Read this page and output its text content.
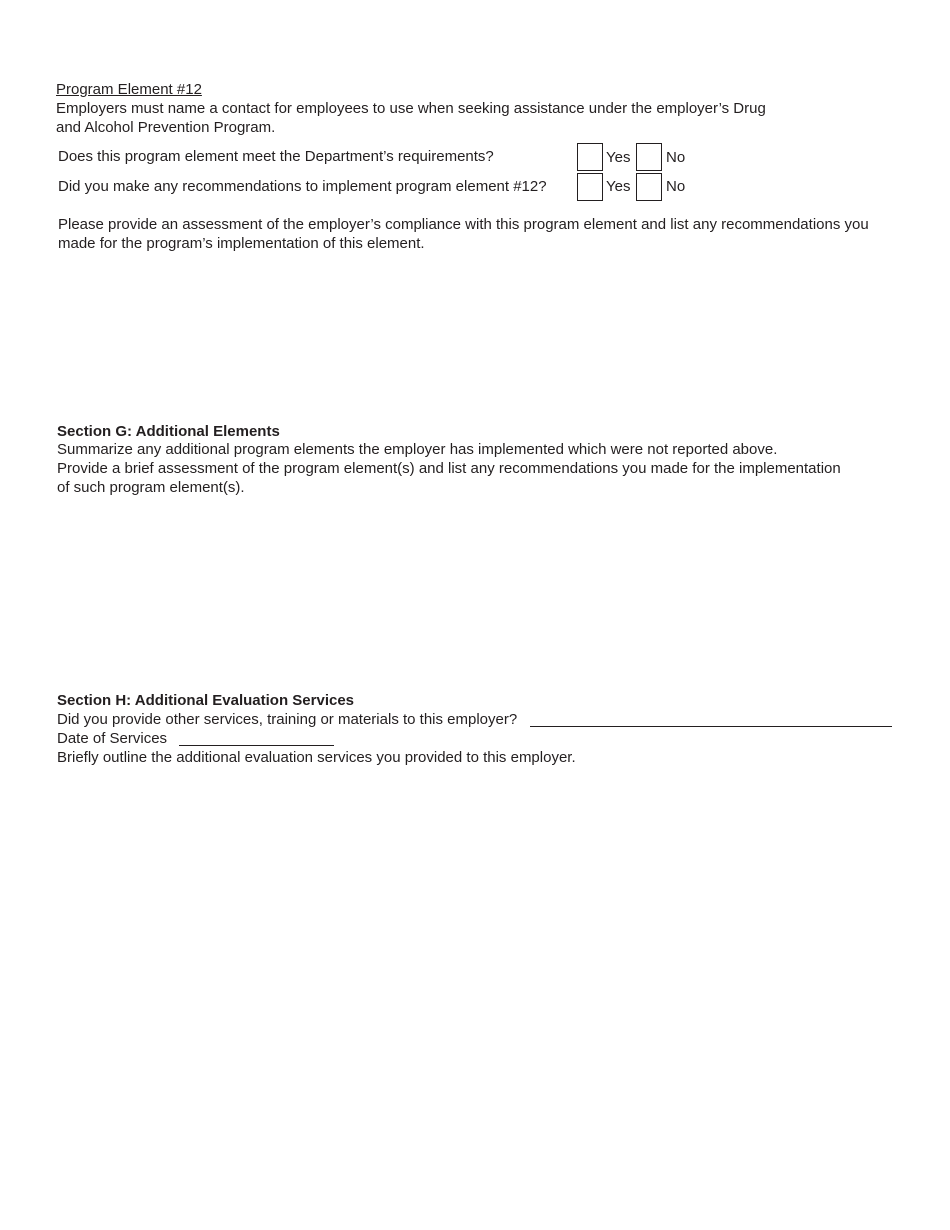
Program Element #12
Employers must name a contact for employees to use when seeking assistance under the employer’s Drug
and Alcohol Prevention Program.
Does this program element meet the Department’s requirements?	Yes No
Did you make any recommendations to implement program element #12?	Yes No
Please provide an assessment of the employer’s compliance with this program element and list any recommendations you
made for the program’s implementation of this element.
Section G: Additional Elements
Summarize any additional program elements the employer has implemented which were not reported above.
Provide a brief assessment of the program element(s) and list any recommendations you made for the implementation
of such program element(s).
Section H: Additional Evaluation Services
Did you provide other services, training or materials to this employer?
Date of Services
Briefly outline the additional evaluation services you provided to this employer.
